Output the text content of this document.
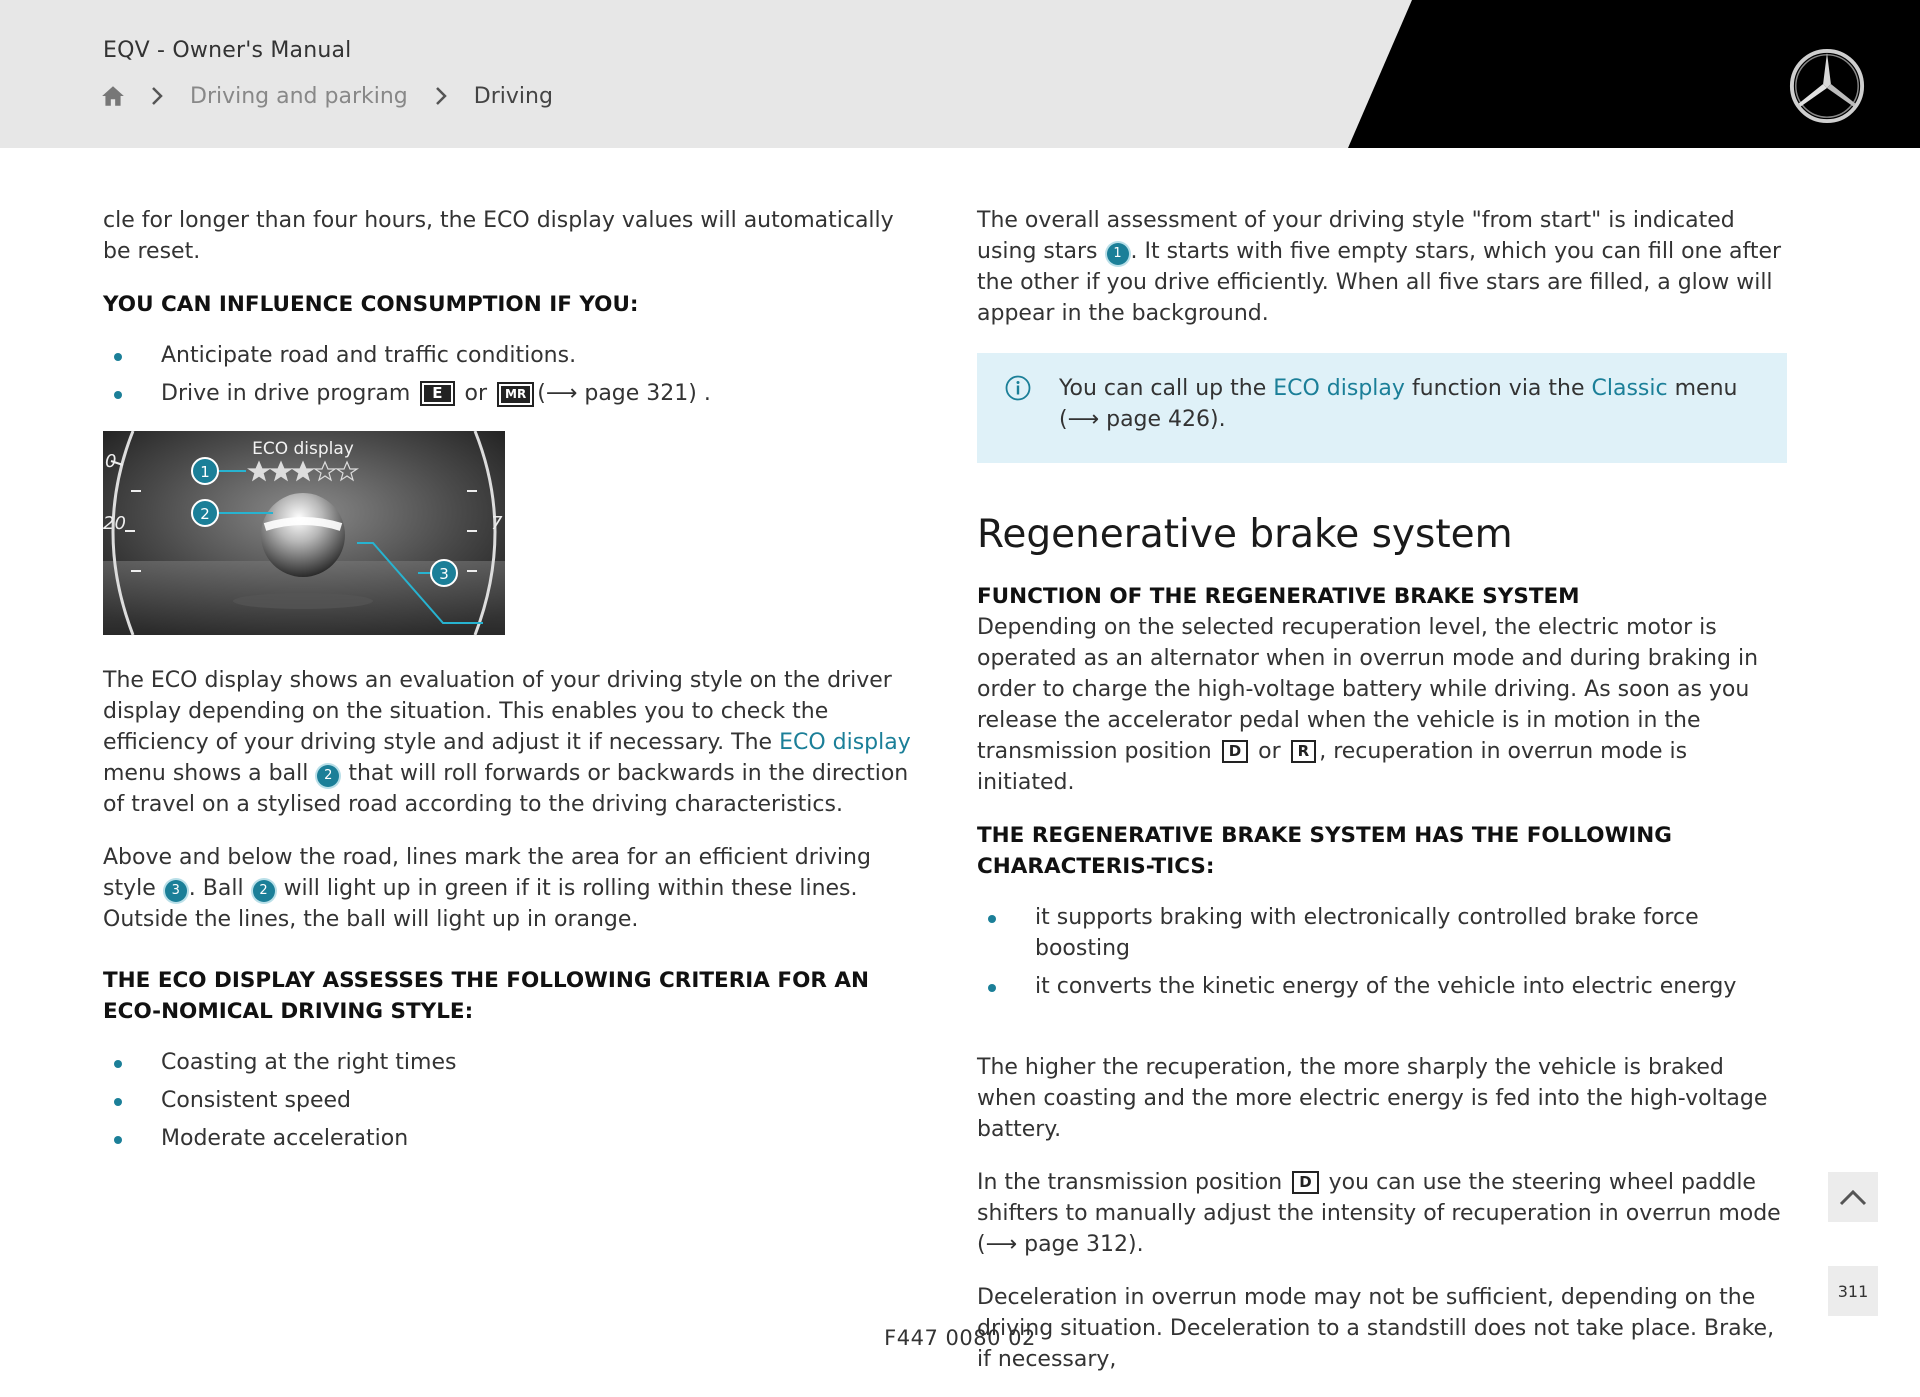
EQV - Owner's Manual
Driving and parking	Driving

cle for longer than four hours, the ECO display values will automatically be reset.

YOU CAN INFLUENCE CONSUMPTION IF YOU:
Anticipate road and traffic conditions.
Drive in drive program E or MR (⟶ page 321) .
0
20	7
ECO display
1
2
3

The ECO display shows an evaluation of your driving style on the driver display depending on the situation. This enables you to check the efficiency of your driving style and adjust it if necessary. The ECO display menu shows a ball 2 that will roll forwards or backwards in the direction of travel on a stylised road according to the driving characteristics.

Above and below the road, lines mark the area for an efficient driving style 3 . Ball 2 will light up in green if it is rolling within these lines. Outside the lines, the ball will light up in orange.

THE ECO DISPLAY ASSESSES THE FOLLOWING CRITERIA FOR AN ECO-NOMICAL DRIVING STYLE:
Coasting at the right times
Consistent speed
Moderate acceleration

The overall assessment of your driving style "from start" is indicated using stars 1 . It starts with five empty stars, which you can fill one after the other if you drive efficiently. When all five stars are filled, a glow will appear in the background.

You can call up the ECO display function via the Classic menu (⟶ page 426).
Regenerative brake system
FUNCTION OF THE REGENERATIVE BRAKE SYSTEM

Depending on the selected recuperation level, the electric motor is operated as an alternator when in overrun mode and during braking in order to charge the high-voltage battery while driving. As soon as you release the accelerator pedal when the vehicle is in motion in the transmission position D or R , recuperation in overrun mode is initiated.

THE REGENERATIVE BRAKE SYSTEM HAS THE FOLLOWING CHARACTERIS-TICS:
it supports braking with electronically controlled brake force boosting
it converts the kinetic energy of the vehicle into electric energy

The higher the recuperation, the more sharply the vehicle is braked when coasting and the more electric energy is fed into the high-voltage battery.

In the transmission position D you can use the steering wheel paddle shifters to manually adjust the intensity of recuperation in overrun mode (⟶ page 312).

Deceleration in overrun mode may not be sufficient, depending on the driving situation. Deceleration to a standstill does not take place. Brake, if necessary,

311
F447 0080 02
